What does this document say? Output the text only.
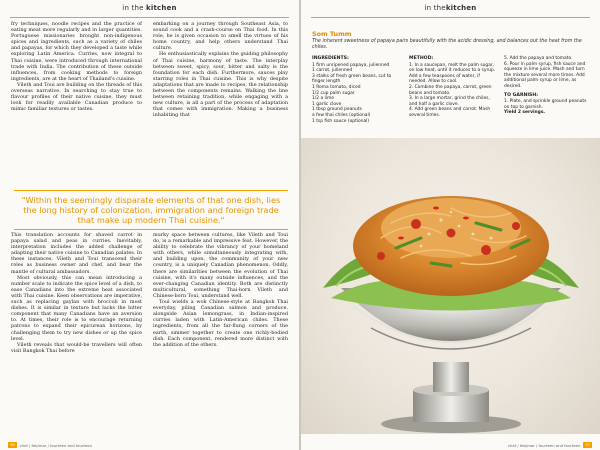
in the kitchen

fry techniques, noodle recipes and the practice of eating meat more regularly and in larger quantities. Portuguese missionaries brought non-indigenous spices and ingredients, such as a variety of chiles and papayas, for which they developed a taste while exploring Latin America. Curries, now integral to Thai cuisine, were introduced through international trade with India. The contribution of these outside influences, from cooking methods to foreign ingredients, are at the heart of Thailand's cuisine.

Vileth and Toui are building on the threads of this overseas narrative. In searching to stay true to flavour profiles of their native cuisine, they must look for readily available Canadian produce to mimic familiar textures or tastes.

embarking on a journey through Southeast Asia, to sound cook and a crash-course on Thai food. In this role, he is given occasion to smell the virtues of his home country, and help others understand Thai culture.

He enthusiastically explains the guiding philosophy of Thai cuisine, harmony of taste. The interplay between sweet, spicy, sour, bitter and salty is the foundation for each dish. Furthermore, sauces play starring roles in Thai cuisine. This is why despite adaptations that are made to recipes, the relationship between the components remains. Walking the line between retaining tradition, while engaging with a new culture, is all a part of the process of adaptation that comes with immigration. Making a business inhabiting that

"Within the seemingly disparate elements of that one dish, lies the long history of colonization, immigration and foreign trade that make up modern Thai cuisine."

This translation accounts for shaved carrot in papaya salad and peas in curries. Inevitably, interpretation includes the added challenge of adapting their native cuisine to Canadian palates. In these instances, Vileth and Toui transcend their roles as business owner and chef, and bear the mantle of cultural ambassadors.

Most obviously, this can mean introducing a number scale to indicate the spice level of a dish, to ease Canadians into the extreme heat associated with Thai cuisine. Keen observations are imperative, such as replacing gaylan with broccoli in most dishes. It is similar in texture but lacks the bitter component that many Canadians have an aversion to. At times, their role is to encourage returning patrons to expand their epicurean horizons, by challenging them to try new dishes or up the spice level.

Vileth reveals that would-be travellers will often visit Bangkok Thai before

murky space between cultures, like Vileth and Toui do, is a remarkable and impressive feat. However, the ability to celebrate the vibrancy of your homeland with others, while simultaneously integrating with, and building upon, the community of your new country, is a uniquely Canadian phenomenon. Oddly, there are similarities between the evolution of Thai cuisine, with it's many outside influences, and the ever-changing Canadian identity. Both are distinctly multicultural, something Thai-born Vileth and Chinese-born Toui, understand well.

Toui wields a wok Chinese-style at Bangkok Thai everyday, piling Canadian salmon and produce, alongside Asian lemongrass, in Indian-inspired curries laden with Latin-American chiles. These ingredients, from all the far-flung corners of the earth, simmer together to create one richly-bodied dish. Each component, rendered more distinct with the addition of the others.

36	chef / feb/mar / fourteen and fourteen
in thekitchen
Som Tumm
The inherent sweetness of papaya pairs beautifully with the acidic dressing, and balances out the heat from the chiles.
INGREDIENTS:
1 firm unripened papaya, julienned
1 carrot, julienned
3 stalks of fresh green beans, cut to finger length
1 Roma tomato, diced
1/2 cup palm sugar
1/2 a lime
1 garlic clove
1 tbsp ground peanuts
a few thai chiles (optional)
1 tsp fish sauce (optional)
METHOD:
1. In a saucepan, melt the palm sugar, on low heat, until it reduces to a syrup. Add a few teaspoons of water, if needed. Allow to cool.
2. Combine the papaya, carrot, green beans and tomato.
3. In a large mortar, grind the chiles, and half a garlic clove.
4. Add green beans and carrot. Mash several times.
5. Add the papaya and tomato.
6. Pour in palm syrup, fish sauce and squeeze in lime juice. Mash and turn the mixture several more times. Add additional palm syrup or lime, as desired.
TO GARNISH:
1. Plate, and sprinkle ground peanuts on top to garnish.
Yield 2 servings.
chef / feb/mar / fourteen and fourteen	37
